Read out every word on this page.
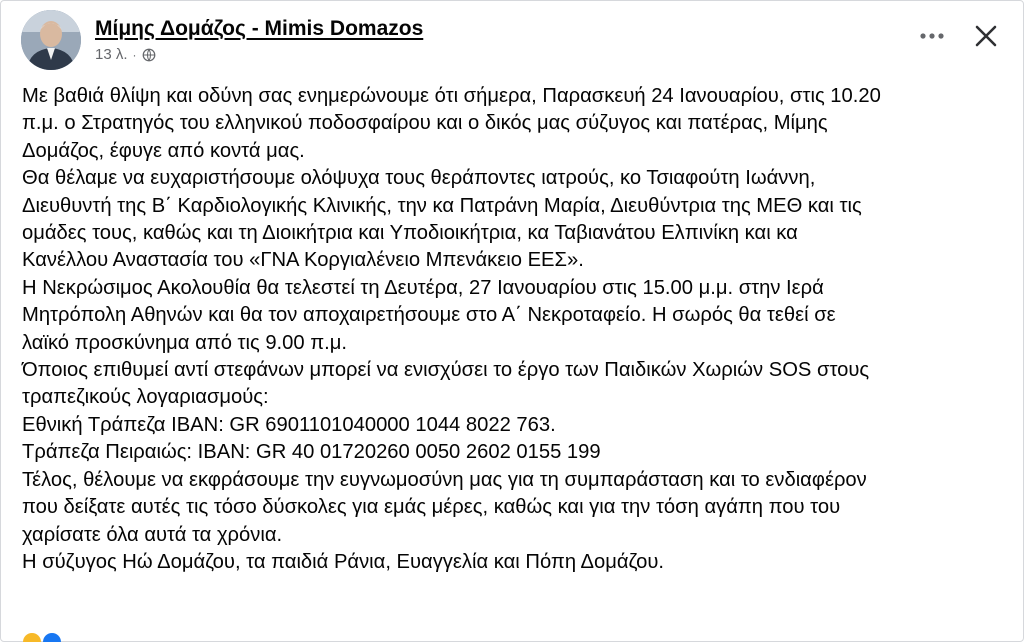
Μίμης Δομάζος - Mimis Domazos
13 λ. ·

Με βαθιά θλίψη και οδύνη σας ενημερώνουμε ότι σήμερα, Παρασκευή 24 Ιανουαρίου, στις 10.20

π.μ. ο Στρατηγός του ελληνικού ποδοσφαίρου και ο δικός μας σύζυγος και πατέρας, Μίμης

Δομάζος, έφυγε από κοντά μας.

Θα θέλαμε να ευχαριστήσουμε ολόψυχα τους θεράποντες ιατρούς, κο Τσιαφούτη Ιωάννη,

Διευθυντή της Β΄ Καρδιολογικής Κλινικής, την κα Πατράνη Μαρία, Διευθύντρια της ΜΕΘ και τις

ομάδες τους, καθώς και τη Διοικήτρια και Υποδιοικήτρια, κα Ταβιανάτου Ελπινίκη και κα

Κανέλλου Αναστασία του «ΓΝΑ Κοργιαλένειο Μπενάκειο ΕΕΣ».

Η Νεκρώσιμος Ακολουθία θα τελεστεί τη Δευτέρα, 27 Ιανουαρίου στις 15.00 μ.μ. στην Ιερά

Μητρόπολη Αθηνών και θα τον αποχαιρετήσουμε στο Α΄ Νεκροταφείο. Η σωρός θα τεθεί σε

λαϊκό προσκύνημα από τις 9.00 π.μ.

Όποιος επιθυμεί αντί στεφάνων μπορεί να ενισχύσει το έργο των Παιδικών Χωριών SOS στους

τραπεζικούς λογαριασμούς:

Εθνική Τράπεζα IBAN: GR 6901101040000 1044 8022 763.

Τράπεζα Πειραιώς: IBAN: GR 40 01720260 0050 2602 0155 199

Τέλος, θέλουμε να εκφράσουμε την ευγνωμοσύνη μας για τη συμπαράσταση και το ενδιαφέρον

που δείξατε αυτές τις τόσο δύσκολες για εμάς μέρες, καθώς και για την τόση αγάπη που του

χαρίσατε όλα αυτά τα χρόνια.

Η σύζυγος Ηώ Δομάζου, τα παιδιά Ράνια, Ευαγγελία και Πόπη Δομάζου.
